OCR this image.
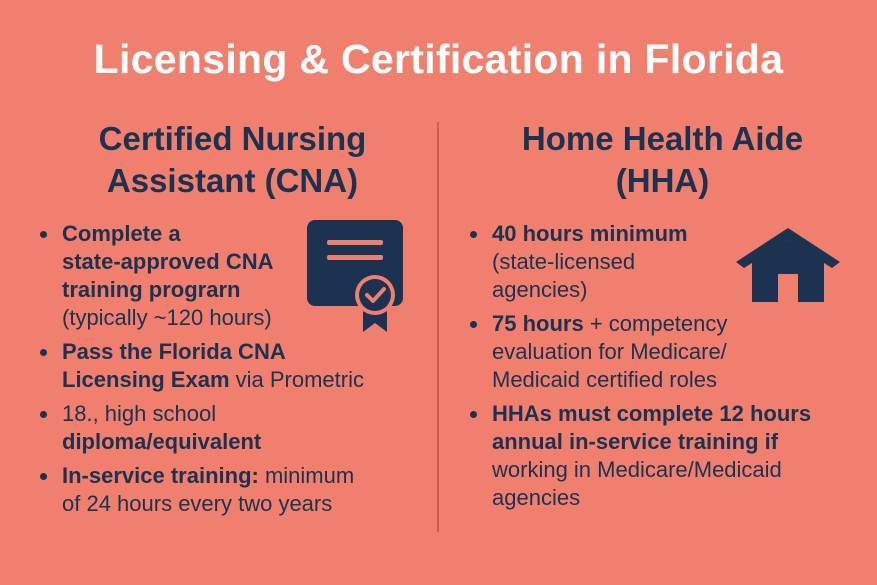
Licensing & Certification in Florida
Certified Nursing
Assistant (CNA)
Complete a
state-approved CNA
training prograrn
(typically ~120 hours)
Pass the Florida CNA
Licensing Exam via Prometric
18., high school
diploma/equivalent
In-service training: minimum
of 24 hours every two years
Home Health Aide
(HHA)
40 hours minimum
(state-licensed
agencies)
75 hours + competency
evaluation for Medicare/
Medicaid certified roles
HHAs must complete 12 hours
annual in-service training if
working in Medicare/Medicaid
agencies
